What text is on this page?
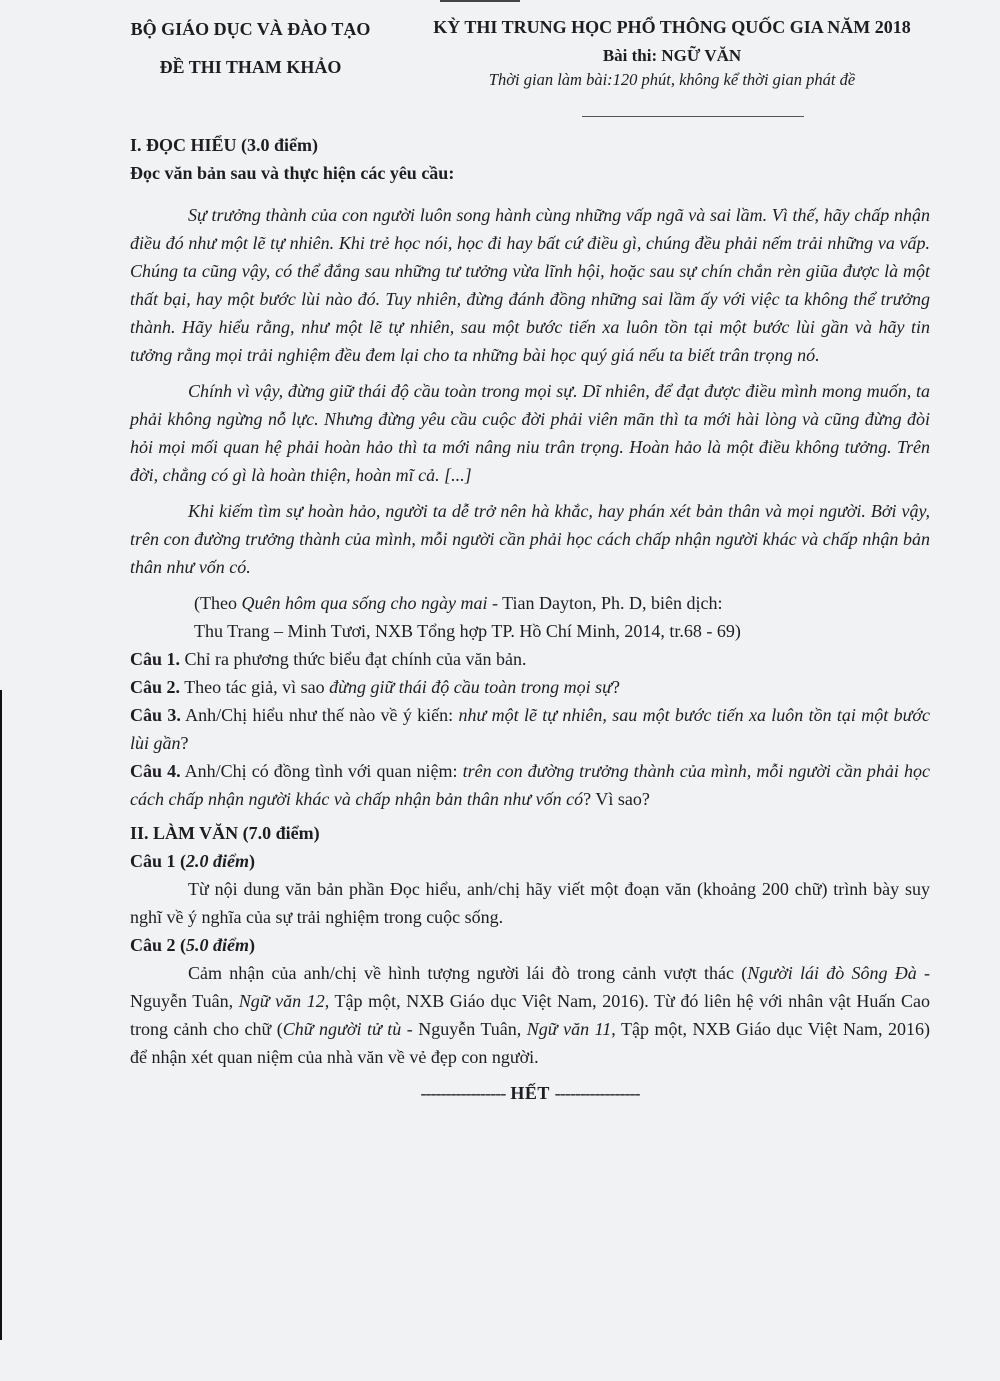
BỘ GIÁO DỤC VÀ ĐÀO TẠO
ĐỀ THI THAM KHẢO
KỲ THI TRUNG HỌC PHỔ THÔNG QUỐC GIA NĂM 2018
Bài thi: NGỮ VĂN
Thời gian làm bài:120 phút, không kể thời gian phát đề
I. ĐỌC HIỂU (3.0 điểm)
Đọc văn bản sau và thực hiện các yêu cầu:

Sự trưởng thành của con người luôn song hành cùng những vấp ngã và sai lầm. Vì thế, hãy chấp nhận điều đó như một lẽ tự nhiên. Khi trẻ học nói, học đi hay bất cứ điều gì, chúng đều phải nếm trải những va vấp. Chúng ta cũng vậy, có thể đắng sau những tư tưởng vừa lĩnh hội, hoặc sau sự chín chắn rèn giũa được là một thất bại, hay một bước lùi nào đó. Tuy nhiên, đừng đánh đồng những sai lầm ấy với việc ta không thể trưởng thành. Hãy hiểu rằng, như một lẽ tự nhiên, sau một bước tiến xa luôn tồn tại một bước lùi gần và hãy tin tưởng rằng mọi trải nghiệm đều đem lại cho ta những bài học quý giá nếu ta biết trân trọng nó.

Chính vì vậy, đừng giữ thái độ cầu toàn trong mọi sự. Dĩ nhiên, để đạt được điều mình mong muốn, ta phải không ngừng nỗ lực. Nhưng đừng yêu cầu cuộc đời phải viên mãn thì ta mới hài lòng và cũng đừng đòi hỏi mọi mối quan hệ phải hoàn hảo thì ta mới nâng niu trân trọng. Hoàn hảo là một điều không tưởng. Trên đời, chẳng có gì là hoàn thiện, hoàn mĩ cả. [...]

Khi kiếm tìm sự hoàn hảo, người ta dễ trở nên hà khắc, hay phán xét bản thân và mọi người. Bởi vậy, trên con đường trưởng thành của mình, mỗi người cần phải học cách chấp nhận người khác và chấp nhận bản thân như vốn có.

(Theo Quên hôm qua sống cho ngày mai - Tian Dayton, Ph. D, biên dịch:
Thu Trang – Minh Tươi, NXB Tổng hợp TP. Hồ Chí Minh, 2014, tr.68 - 69)

Câu 1. Chỉ ra phương thức biểu đạt chính của văn bản.

Câu 2. Theo tác giả, vì sao đừng giữ thái độ cầu toàn trong mọi sự?

Câu 3. Anh/Chị hiểu như thế nào về ý kiến: như một lẽ tự nhiên, sau một bước tiến xa luôn tồn tại một bước lùi gần?

Câu 4. Anh/Chị có đồng tình với quan niệm: trên con đường trưởng thành của mình, mỗi người cần phải học cách chấp nhận người khác và chấp nhận bản thân như vốn có? Vì sao?

II. LÀM VĂN (7.0 điểm)
Câu 1 (2.0 điểm)

Từ nội dung văn bản phần Đọc hiểu, anh/chị hãy viết một đoạn văn (khoảng 200 chữ) trình bày suy nghĩ về ý nghĩa của sự trải nghiệm trong cuộc sống.

Câu 2 (5.0 điểm)

Cảm nhận của anh/chị về hình tượng người lái đò trong cảnh vượt thác (Người lái đò Sông Đà - Nguyễn Tuân, Ngữ văn 12, Tập một, NXB Giáo dục Việt Nam, 2016). Từ đó liên hệ với nhân vật Huấn Cao trong cảnh cho chữ (Chữ người tử tù - Nguyễn Tuân, Ngữ văn 11, Tập một, NXB Giáo dục Việt Nam, 2016) để nhận xét quan niệm của nhà văn về vẻ đẹp con người.

----------------- HẾT -----------------
